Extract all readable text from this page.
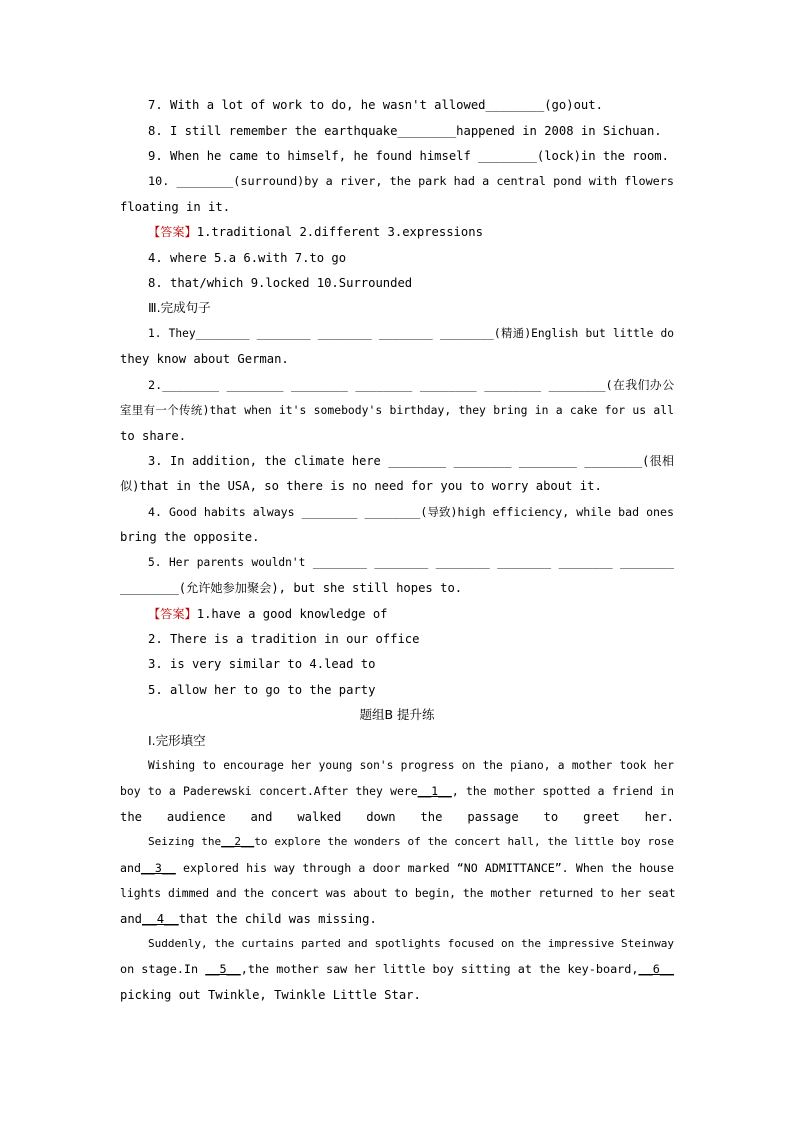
7. With a lot of work to do, he wasn't allowed________(go)out.
8. I still remember the earthquake________happened in 2008 in Sichuan.
9. When he came to himself, he found himself ________(lock)in the room.
10. ________(surround)by a river, the park had a central pond with flowers
floating in it.
【答案】1.traditional 2.different 3.expressions
4. where 5.a 6.with 7.to go
8. that/which 9.locked 10.Surrounded
Ⅲ.完成句子
1. They________ ________ ________ ________ ________(精通)English but little do
they know about German.
2.________ ________ ________ ________ ________ ________ ________(在我们办公
室里有一个传统)that when it's somebody's birthday, they bring in a cake for us all
to share.
3. In addition, the climate here ________ ________ ________ ________(很相
似)that in the USA, so there is no need for you to worry about it.
4. Good habits always ________ ________(导致)high efficiency, while bad ones
bring the opposite.
5. Her parents wouldn't ________ ________ ________ ________ ________ ________
________(允许她参加聚会), but she still hopes to.
【答案】1.have a good knowledge of
2. There is a tradition in our office
3. is very similar to 4.lead to
5. allow her to go to the party
题组B 提升练
Ⅰ.完形填空
Wishing to encourage her young son's progress on the piano, a mother took her
boy to a Paderewski concert.After they were__1__, the mother spotted a friend in
the audience and walked down the passage to greet her.
Seizing the__2__to explore the wonders of the concert hall, the little boy rose
and__3__ explored his way through a door marked “NO ADMITTANCE”. When the house
lights dimmed and the concert was about to begin, the mother returned to her seat
and__4__that the child was missing.
Suddenly, the curtains parted and spotlights focused on the impressive Steinway
on stage.In __5__,the mother saw her little boy sitting at the key-board,__6__
picking out Twinkle, Twinkle Little Star.
